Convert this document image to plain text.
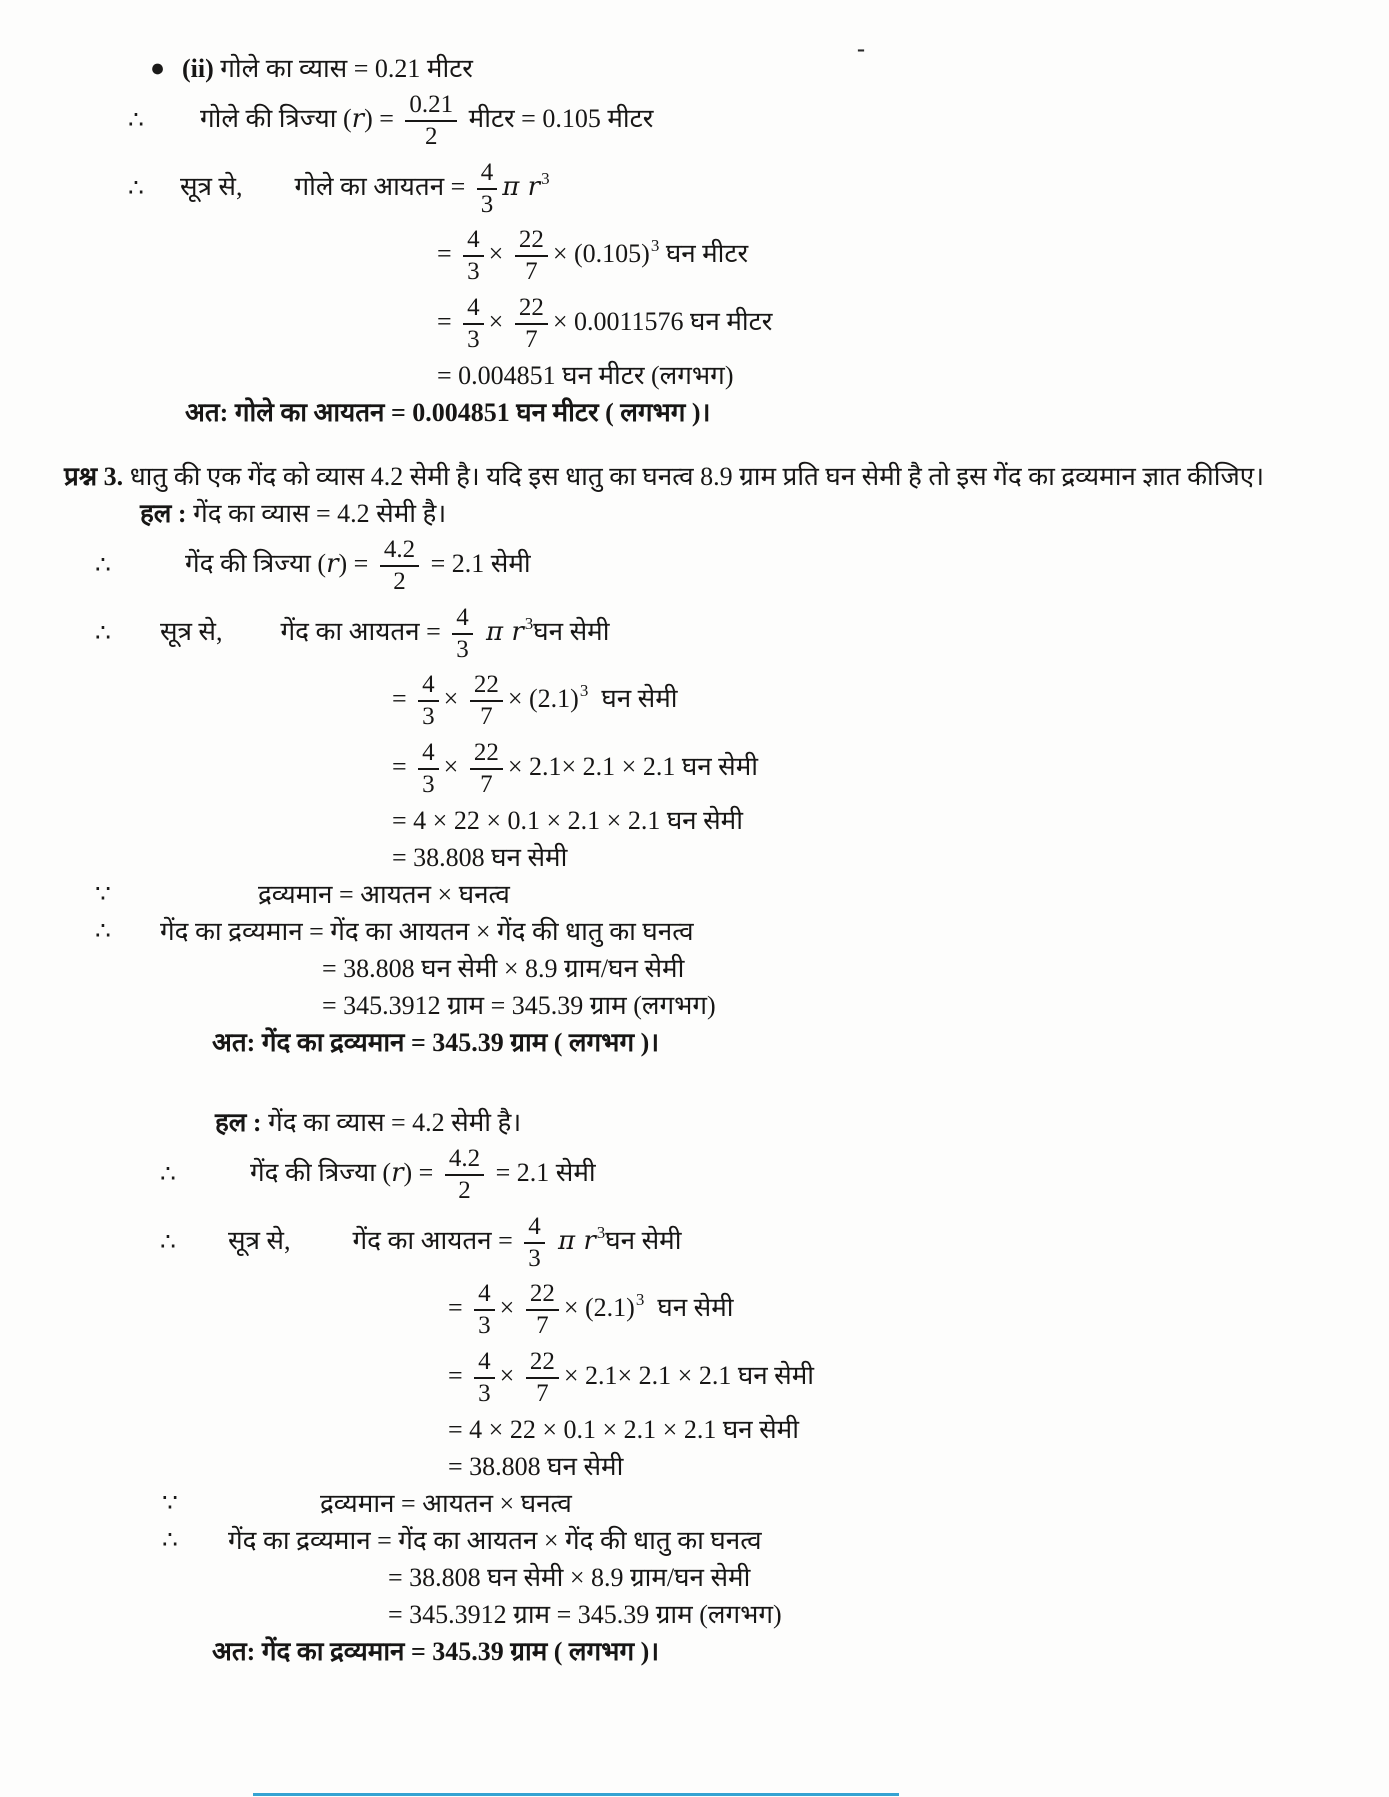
-
● (ii) गोले का व्यास = 0.21 मीटर
∴ गोले की त्रिज्या $(r) = \frac{0.21}{2}$ मीटर = 0.105 मीटर
∴ सूत्र से, गोले का आयतन = $\frac{4}{3}$ π $r^3$
= $\frac{4}{3} \times \frac{22}{7} \times (0.105)^3$ घन मीटर
= $\frac{4}{3} \times \frac{22}{7} \times 0.0011576$ घन मीटर
= 0.004851 घन मीटर (लगभग)
अत: गोले का आयतन = 0.004851 घन मीटर ( लगभग )।
प्रश्न 3. धातु की एक गेंद को व्यास 4.2 सेमी है। यदि इस धातु का घनत्व 8.9 ग्राम प्रति घन सेमी है तो इस गेंद का द्रव्यमान ज्ञात कीजिए।
हल : गेंद का व्यास = 4.2 सेमी है।
∴	गेंद की त्रिज्या $(r) = \frac{4.2}{2} = 2.1$ सेमी
∴ सूत्र से, गेंद का आयतन = $\frac{4}{3}$ π $r^3घन$ सेमी
= $\frac{4}{3} \times \frac{22}{7} \times (2.1)^3$  घन सेमी
= $\frac{4}{3} \times \frac{22}{7} \times 2.1\times 2.1 \times 2.1$ घन सेमी
= 4 × 22 × 0.1 × 2.1 × 2.1 घन सेमी
= 38.808 घन सेमी
∵	द्रव्यमान = आयतन × घनत्व
∴ गेंद का द्रव्यमान = गेंद का आयतन × गेंद की धातु का घनत्व
= 38.808 घन सेमी × 8.9 ग्राम/घन सेमी
= 345.3912 ग्राम = 345.39 ग्राम (लगभग)
अत: गेंद का द्रव्यमान = 345.39 ग्राम ( लगभग )।
हल : गेंद का व्यास = 4.2 सेमी है।
∴	गेंद की त्रिज्या $(r) = \frac{4.2}{2} = 2.1$ सेमी
∴ सूत्र से, गेंद का आयतन = $\frac{4}{3}$ π $r^3घन$ सेमी
= $\frac{4}{3} \times \frac{22}{7} \times (2.1)^3$  घन सेमी
= $\frac{4}{3} \times \frac{22}{7} \times 2.1\times 2.1 \times 2.1$ घन सेमी
= 4 × 22 × 0.1 × 2.1 × 2.1 घन सेमी
= 38.808 घन सेमी
∵	द्रव्यमान = आयतन × घनत्व
∴ गेंद का द्रव्यमान = गेंद का आयतन × गेंद की धातु का घनत्व
= 38.808 घन सेमी × 8.9 ग्राम/घन सेमी
= 345.3912 ग्राम = 345.39 ग्राम (लगभग)
अत: गेंद का द्रव्यमान = 345.39 ग्राम ( लगभग )।
